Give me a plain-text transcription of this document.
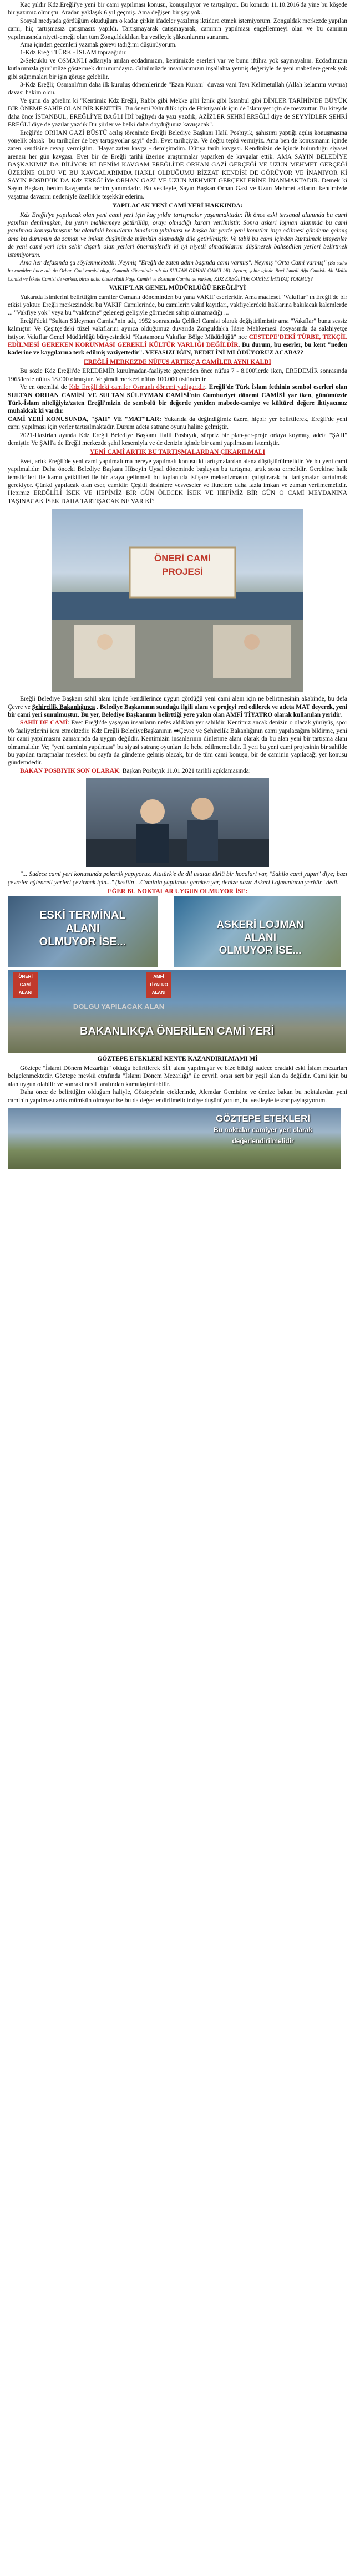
Kaç yıldır Kdz.Ereğli'ye yeni bir cami yapılması konusu, konuşuluyor ve tartışılıyor. Bu konudu 11.10.2016'da yine bu köşede bir yazımız olmuştu. Aradan yaklaşık 6 yıl geçmiş. Ama değişen bir şey yok.

Sosyal medyada gördüğüm okuduğum o kadar çirkin ifadeler yazılmış iktidara etmek istemiyorum. Zonguldak merkezde yapılan cami, hiç tartışmasız çatışmasız yapıldı. Tartışmayarak çatışmayarak, caminin yapılması engellenmeyi olan ve bu caminin yapılmasında niyeti-emeği olan tüm Zonguldaklıları bu vesileyle şükranlarımı sunarım.

Ama içinden geçenleri yazmak görevi tadığımı düşünüyorum.

1-Kdz Ereğli TÜRK - İSLAM topraağıdır.

2-Selçuklu ve OSMANLI adlarıyla anılan ecdadımızın, kentimizde eserleri var ve bunu iftihra yok sayınayalım. Ecdadımızın kutlarımızla günümüze göstermek durumundayız. Günümüzde insanlarımızın inşallahta yetmiş değeriyle de yeni mabetlere gerek yok gibi sığınmaları bir işin görüşe gelebilir.

3-Kdz Ereğli; Osmanlı'nın daha ilk kuruluş dönemlerinde "Ezan Kuranı" duvası vani Tavı Kelimetullah (Allah kelamını vuvma) davası hakim oldu.

Ve şunu da görelim ki "Kentimiz Kdz Ereğli, Rabbı gibi Mekke gibi İznik gibi İstanbul gibi DİNLER TARİHİNDE BÜYÜK BİR ÖNEME SAHİP OLAN BİR KENTTİR. Bu önemi Yahudilik için de Hristiyanlık için de İslamiyet için de mevzuttur. Bu kiteyde daha önce İSTANBUL, EREĞLİ'YE BAĞLI İDİ bağlıydı da yazı yazdık, AZİZLER ŞEHRİ EREĞLİ diye de SEYYİDLER ŞEHRİ EREĞLİ diye de yazılar yazdık Bir şiirler ve belki daha doyduğunuz kavuşacak".

Ereğli'de ORHAN GAZİ BÜSTÜ açılış töreninde Ereğli Belediye Başkanı Halil Posbıyık, şahısımı yaptığı açılış konuşmasına yönelik olarak "bu tarihçiler de bey tartışıyorlar şayi" dedi. Evet tarihçiyiz. Ve doğru tepki vermiyiz. Ama ben de konuşmanın içinde zaten kendisine cevap vermiştim. "Hayat zaten kavga - demişimdim. Dünya tarih kavgası. Kendinizin de içinde bulunduğu siyaset arenası her gün kavgası. Evet bir de Ereğli tarihi üzerine araştırmalar yaparken de kavgalar ettik. AMA SAYIN BELEDİYE BAŞKANIMIZ DA BİLİYOR Kİ BENİM KAVGAM EREĞLİ'DE ORHAN GAZİ GERÇEĞİ VE UZUN MEHMET GERÇEĞİ ÜZERİNE OLDU VE BU KAVGALARIMDA HAKLI OLDUĞUMU BİZZAT KENDİSİ DE GÖRÜYOR VE İNANIYOR Kİ SAYIN POSBIYIK DA Kdz EREĞLİ'de ORHAN GAZİ VE UZUN MEHMET GERÇEKLERİNE İNANMAKTADIR. Demek ki Sayın Başkan, benim kavgamda benim yanımdadır. Bu vesileyle, Sayın Başkan Orhan Gazi ve Uzun Mehmet adlarını kentimizde yaşatma davasını nedeniyle özellikle teşekkür ederim.

YAPILACAK YENİ CAMİ YERİ HAKKINDA:

Kdz Ereğli'ye yapılacak olan yeni cami yeri için kaç yıldır tartışmalar yaşanmaktadır. İlk önce eski tersanal alanında bu cami yapılsın denilmişken, bu yerin mahkemeye götürülüp, orayı olmadığı kararı verilmiştir. Sonra askeri lojman alanında bu cami yapılması konuşulmuştur bu alandaki konutların binaların yıkılması ve başka bir yerde yeni konutlar inşa edilmesi gündeme gelmiş ama bu durumun da zaman ve imkan düşününde mümkün olamadığı dile getirilmiştir. Ve tabii bu cami içinden kurtulmak isteyenler de yeni cami yeri için şehir dışarlı olan yerleri önermişlerdir ki iyi niyetli olmadıklarını düşünerek bahsedilen yerleri belirtmek istemiyorum.

Ama her defasında şu söylenmektedir. Neymiş "Ereğli'de zaten adım başında cami varmış". Neymiş "Orta Cami varmış" (Bu sadık bu camiden önce adı da Orhan Gazi camisi olup, Osmanlı döneminde adı da SULTAN ORHAN CAMİİ idi). Ayrıca; şehir içinde Baci İsmail Ağa Camisi- Ali Molla Camisi ve İskele Camisi de varken, biraz daha ötede Halil Paşa Camisi ve Bozhane Camisi de varken; KDZ EREĞLİ'DE CAMİYE İHTİYAÇ YOKMUŞ?

VAKIF'LAR GENEL MÜDÜRLÜĞÜ EREĞLİ'Yİ

Yukarıda isimlerini belirttiğim camiler Osmanlı döneminden bu yana VAKIF eserleridir. Ama maalesef "Vakıflar" ın Ereğli'de bir etkisi yoktur. Ereğli merkezindeki bu VAKIF Camilerinde, bu camilerin vakıf kayıtları, vakfiyelerdeki haklarına bakılacak kalemlerde ... "Vakfiye yok" veya bu "vakfetme" gelenegi gelişiyle görmeden sahip olunamadığı ...

Ereğli'deki "Sultan Süleyman Camisi"nin adı, 1952 sonrasında Çelikel Camisi olarak değiştirilmiştir ama "Vakıflar" bunu sessiz kalmıştır. Ve Çeşitçe'deki tüzel vakıflarını aynıca olduğumuz duvarıda Zonguldak'a İdare Mahkemesi dosyasında da salahiyetçe istiyor. Vakıflar Genel Müdürlüğü bünyesindeki "Kastamonu Vakıflar Bölge Müdürlüğü" nce CESTEPE'DEKİ TÜRBE, TEKÇİL EDİLMESİ GEREKEN KORUNMASI GEREKLİ KÜLTÜR VARLIĞI DEĞİLDİR. Bu durum, bu eserler, bu kent "neden kaderine ve kaygılarına terk edilmiş vaziyettedir". VEFASIZLIĞIN, BEDELİNİ MI ÖDÜYORUZ ACABA??

EREĞLİ MERKEZDE NÜFUS ARTIKÇA CAMİLER AYNI KALDI

Bu sözle Kdz Ereğli'de EREDEMİR kurulmadan-faaliyete geçmeden önce nüfus 7 - 8.000'lerde iken, EREDEMİR sonrasında 1965'lerde nüfus 18.000 olmuştur. Ve şimdi merkezi nüfus 100.000 üstündedir.

Ve en önemlisi de Kdz Ereğli'deki camiler Osmanlı dönemi yadigarıdır. Ereğli'de Türk İslam fethinin sembol eserleri olan SULTAN ORHAN CAMİSİ VE SULTAN SÜLEYMAN CAMİSİ'nin Cumhuriyet dönemi CAMİSİ yar iken, günümüzde Türk-İslam niteliğiyiz/zaten Ereğli'mizin de sembolü bir değerde yeniden mabede-camiye ve kültürel değere ihtiyacımız muhakkak ki vardır.

CAMİ YERİ KONUSUNDA, "ŞAH" VE "MAT"LAR: Yukarıda da değindiğimiz üzere, hiçbir yer belirtilerek, Ereğli'de yeni cami yapılması için yerler tartışılmaktadır. Durum adeta satranç oyunu haline gelmiştir.

2021-Hazirian ayında Kdz Ereğli Belediye Başkanı Halil Posbıyık, sürpriz bir plan-yer-proje ortaya koymuş, adeta "ŞAH" demiştir. Ve ŞAH'a de Ereğli merkezde şahıl kesemiyla ve de denizin içinde bir cami yapılmasını istemiştir.

YENİ CAMİ ARTIK BU TARTIŞMALARDAN ÇIKARILMALI

Evet, artık Ereğli'de yeni cami yapılmalı ma nereye yapılmalı konusu ki tartışmalardan alana düşüştürülmelidir. Ve bu yeni cami yapılmalıdır. Daha önceki Belediye Başkanı Hüseyin Uysal döneminde başlayan bu tartışma, artık sona ermelidir. Gerekirse halk temsilcileri ile kamu yetkilileri ile bir araya gelinmeli bu toplantıda istişare mekanizmasını çalıştırarak bu tartışmalar kurtulmak gerekiyor. Çünkü yapılacak olan eser, camidir. Çeşitli desinlere vesveseler ve fitnelere daha fazla imkan ve zaman verilmemelidir. Hepimiz EREĞLİLİ İSEK VE HEPİMİZ BİR GÜN ÖLECEK İSEK VE HEPİMİZ BİR GÜN O CAMİ MEYDANINA TAŞINACAK İSEK DAHA TARTIŞACAK NE VAR Kİ?

ÖNERİ CAMİ
PROJESİ

Ereğli Belediye Başkanı sahil alanı içinde kendilerince uygun gördüğü yeni cami alanı için ne belirtmesinin akabinde, bu defa Çevre ve Şehircilik Bakanlığınca . Belediye Başkanının sunduğu ilgili alanı ve projeyi red edilerek ve adeta MAT deyerek, yeni bir cami yeri sunulmuştur. Bu yer, Belediye Başkanının belirttiği yere yakın olan AMFİ TİYATRO olarak kullanılan yeridir.

SAHİLDE CAMİ: Evet Ereğli'de yaşayan insanların nefes aldıkları yer sahildir. Kentimiz ancak denizin o olacak yürüyüş, spor vb faaliyetlerini icra etmektedir. Kdz Ereğli BelediyeBaşkanının ➡Çevre ve Şehircilik Bakanlığının cami yapılacağım bildirme, yeni bir cami yapılmasını zamanında da uygun değildir. Kentimizin insanlarının dinlenme alanı olarak da bu alan yeni bir tartışma alanı olmamalıdır. Ve; "yeni caminin yapılması" bu siyasi satranç oyunları ile heba edilmemelidir. İl yeri bu yeni cami projesinin bir sahilde bu yapılan tartışmalar meselesi bu sayfa da gündeme gelmiş olacak, bir de tüm cami konuşu, bir de caminin yapılacağı yer konusu gündemdedir.

BAKAN POSBIYIK SON OLARAK: Başkan Posbıyık 11.01.2021 tarihli açıklamasında:

"... Sudece cami yeri konusunda polemik yapıyoruz. Atatürk'e de dil uzatan türlü bir hocalari var, "Sahilo cami yapın" diye; bazı çevreler eğlenceli yerleri çevirmek için..." (kesitin ...Caminin yapılması gereken yer, denize nazır Askeri Lojmanların yeridir" dedi.

EĞER BU NOKTALAR UYGUN OLMUYOR İSE:
ESKİ TERMİNAL
ALANI
OLMUYOR İSE...
ASKERİ LOJMAN
ALANI
OLMUYOR İSE...
ÖNERİ CAMİ ALANI
AMFİ TİYATRO ALANI
DOLGU YAPILACAK ALAN
BAKANLIKÇA ÖNERİLEN CAMİ YERİ
GÖZTEPE ETEKLERİ KENTE KAZANDIRILMAMI Mİ

Göztepe "İslami Dönem Mezarlığı" olduğu belirtilerek SİT alanı yapılmıştır ve bize bildiği sadece oradaki eski İslam mezarları belgelenmektedir. Göztepe mevkii etrafında "İslami Dönem Mezarlığı" ile çevrili orası sert bir yeşil alan da değildir. Cami için bu alan uygun olabilir ve sonraki nesil tarafından kamulaştırılabilir.

Daha önce de belirttiğim olduğum haliyle, Göztepe'nin eteklerinde, Alemdar Gemisine ve denize bakan bu noktalardan yeni caminin yapılması artık mümkün olmuyor ise bu da değerlendirilmelidir diye düşünüyorum, bu vesileyle tekrar paylaşıyorum.

GÖZTEPE ETEKLERİ
Bu noktalar camiyer yeri olarak
değerlendirilmelidir
